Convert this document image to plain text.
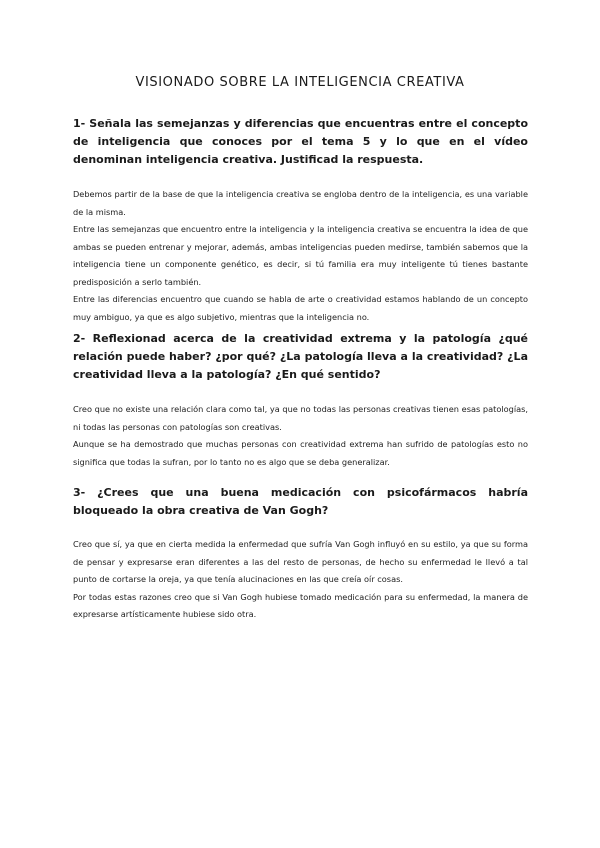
VISIONADO SOBRE LA INTELIGENCIA CREATIVA

1- Señala las semejanzas y diferencias que encuentras entre el concepto de inteligencia que conoces por el tema 5 y lo que en el vídeo denominan inteligencia creativa. Justificad la respuesta.

Debemos partir de la base de que la inteligencia creativa se engloba dentro de la inteligencia, es una variable de la misma.

Entre las semejanzas que encuentro entre la inteligencia y la inteligencia creativa se encuentra la idea de que ambas se pueden entrenar y mejorar, además, ambas inteligencias pueden medirse, también sabemos que la inteligencia tiene un componente genético, es decir, si tú familia era muy inteligente tú tienes bastante predisposición a serlo también.

Entre las diferencias encuentro que cuando se habla de arte o creatividad estamos hablando de un concepto muy ambiguo, ya que es algo subjetivo, mientras que la inteligencia no.

2- Reflexionad acerca de la creatividad extrema y la patología ¿qué relación puede haber? ¿por qué? ¿La patología lleva a la creatividad? ¿La creatividad lleva a la patología? ¿En qué sentido?

Creo que no existe una relación clara como tal, ya que no todas las personas creativas tienen esas patologías, ni todas las personas con patologías son creativas.

Aunque se ha demostrado que muchas personas con creatividad extrema han sufrido de patologías esto no significa que todas la sufran, por lo tanto no es algo que se deba generalizar.

3- ¿Crees que una buena medicación con psicofármacos habría bloqueado la obra creativa de Van Gogh?

Creo que sí, ya que en cierta medida la enfermedad que sufría Van Gogh influyó en su estilo, ya que su forma de pensar y expresarse eran diferentes a las del resto de personas, de hecho su enfermedad le llevó a tal punto de cortarse la oreja, ya que tenía alucinaciones en las que creía oír cosas.

Por todas estas razones creo que si Van Gogh hubiese tomado medicación para su enfermedad, la manera de expresarse artísticamente hubiese sido otra.
